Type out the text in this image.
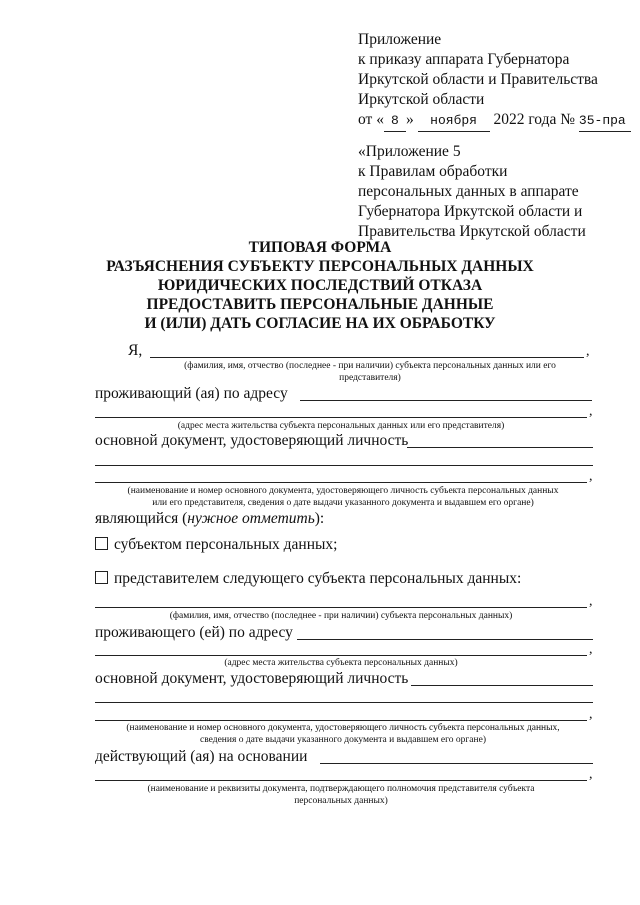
Приложение
к приказу аппарата Губернатора
Иркутской области и Правительства
Иркутской области
от « 8 » ноября 2022 года № 35-пра
«Приложение 5
к Правилам обработки
персональных данных в аппарате
Губернатора Иркутской области и
Правительства Иркутской области
ТИПОВАЯ ФОРМА
РАЗЪЯСНЕНИЯ СУБЪЕКТУ ПЕРСОНАЛЬНЫХ ДАННЫХ
ЮРИДИЧЕСКИХ ПОСЛЕДСТВИЙ ОТКАЗА
ПРЕДОСТАВИТЬ ПЕРСОНАЛЬНЫЕ ДАННЫЕ
И (ИЛИ) ДАТЬ СОГЛАСИЕ НА ИХ ОБРАБОТКУ
Я,	,
(фамилия, имя, отчество (последнее - при наличии) субъекта персональных данных или его
представителя)
проживающий (ая) по адресу
,
(адрес места жительства субъекта персональных данных или его представителя)
основной документ, удостоверяющий личность
,
(наименование и номер основного документа, удостоверяющего личность субъекта персональных данных
или его представителя, сведения о дате выдачи указанного документа и выдавшем его органе)
являющийся (нужное отметить):
субъектом персональных данных;
представителем следующего субъекта персональных данных:
,
(фамилия, имя, отчество (последнее - при наличии) субъекта персональных данных)
проживающего (ей) по адресу
,
(адрес места жительства субъекта персональных данных)
основной документ, удостоверяющий личность
,
(наименование и номер основного документа, удостоверяющего личность субъекта персональных данных,
сведения о дате выдачи указанного документа и выдавшем его органе)
действующий (ая) на основании
,
(наименование и реквизиты документа, подтверждающего полномочия представителя субъекта
персональных данных)
